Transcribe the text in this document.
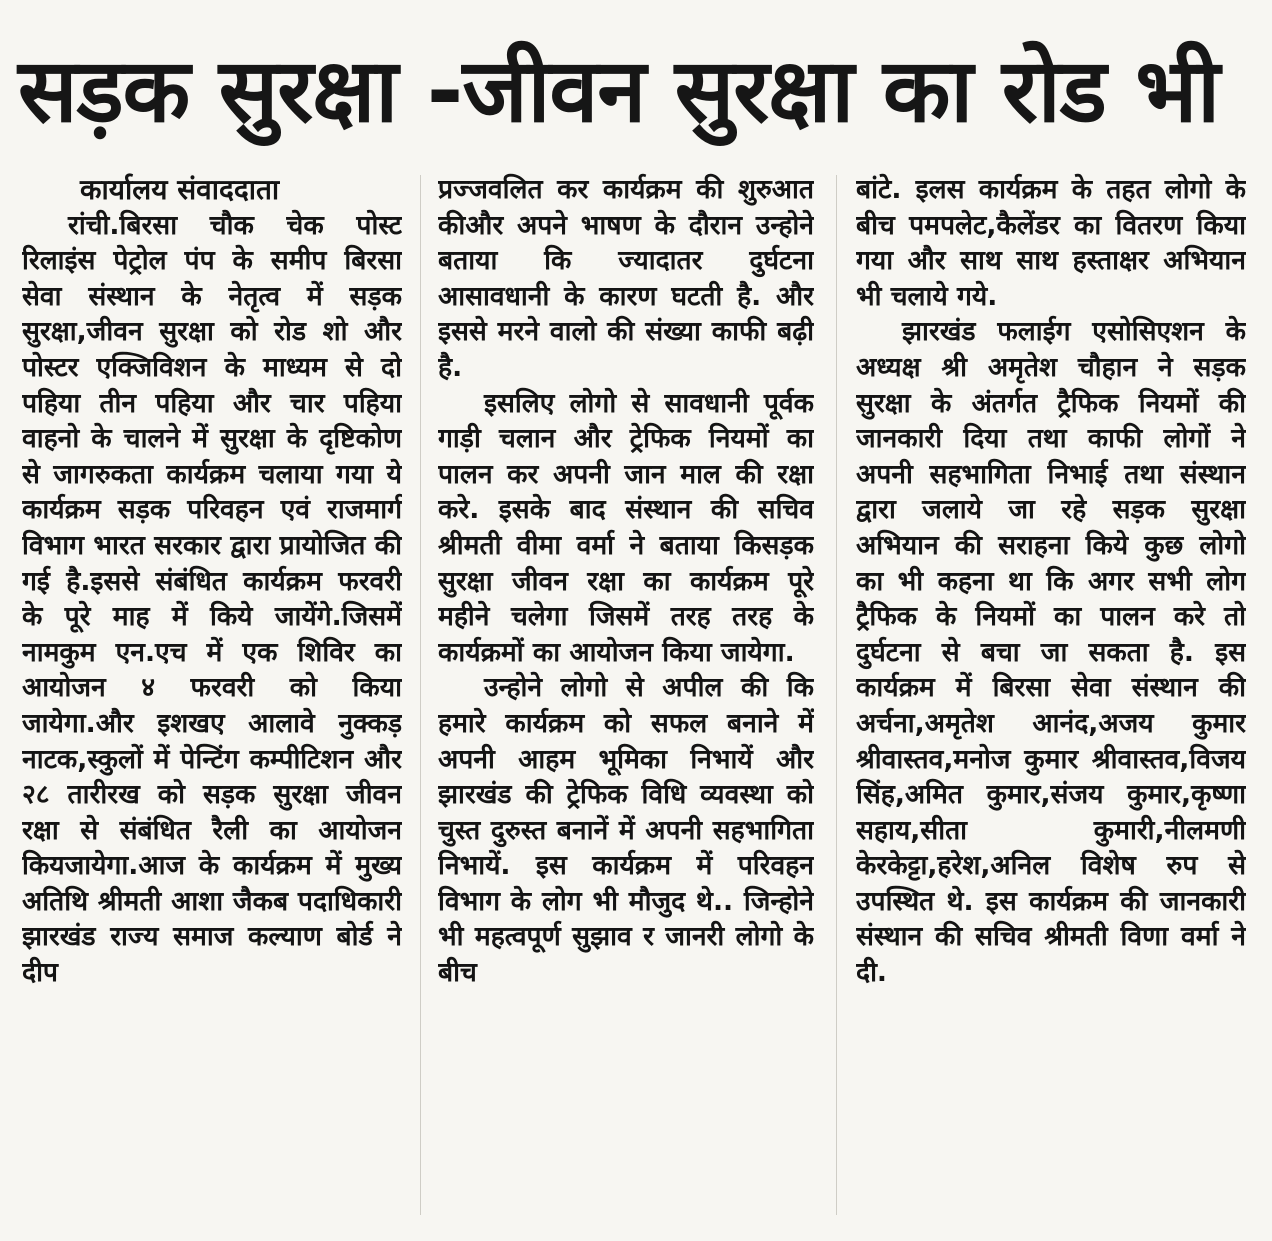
सड़क सुरक्षा -जीवन सुरक्षा का रोड भी
कार्यालय संवाददाता

रांची.बिरसा चौक चेक पोस्ट रिलाइंस पेट्रोल पंप के समीप बिरसा सेवा संस्थान के नेतृत्व में सड़क सुरक्षा,जीवन सुरक्षा को रोड शो और पोस्टर एक्जिविशन के माध्यम से दो पहिया तीन पहिया और चार पहिया वाहनो के चालने में सुरक्षा के दृष्टिकोण से जागरुकता कार्यक्रम चलाया गया ये कार्यक्रम सड़क परिवहन एवं राजमार्ग विभाग भारत सरकार द्वारा प्रायोजित की गई है.इससे संबंधित कार्यक्रम फरवरी के पूरे माह में किये जायेंगे.जिसमें नामकुम एन.एच में एक शिविर का आयोजन ४ फरवरी को किया जायेगा.और इशखए आलावे नुक्कड़ नाटक,स्कुलों में पेन्टिंग कम्पीटिशन और २८ तारीरख को सड़क सुरक्षा जीवन रक्षा से संबंधित रैली का आयोजन कियजायेगा.आज के कार्यक्रम में मुख्य अतिथि श्रीमती आशा जैकब पदाधिकारी झारखंड राज्य समाज कल्याण बोर्ड ने दीप

प्रज्जवलित कर कार्यक्रम की शुरुआत कीऔर अपने भाषण के दौरान उन्होने बताया कि ज्यादातर दुर्घटना आसावधानी के कारण घटती है. और इससे मरने वालो की संख्या काफी बढ़ी है.

इसलिए लोगो से सावधानी पूर्वक गाड़ी चलान और ट्रेफिक नियमों का पालन कर अपनी जान माल की रक्षा करे. इसके बाद संस्थान की सचिव श्रीमती वीमा वर्मा ने बताया किसड़क सुरक्षा जीवन रक्षा का कार्यक्रम पूरे महीने चलेगा जिसमें तरह तरह के कार्यक्रमों का आयोजन किया जायेगा.

उन्होने लोगो से अपील की कि हमारे कार्यक्रम को सफल बनाने में अपनी आहम भूमिका निभायें और झारखंड की ट्रेफिक विधि व्यवस्था को चुस्त दुरुस्त बनानें में अपनी सहभागिता निभायें. इस कार्यक्रम में परिवहन विभाग के लोग भी मौजुद थे.. जिन्होने भी महत्वपूर्ण सुझाव र जानरी लोगो के बीच

बांटे. इलस कार्यक्रम के तहत लोगो के बीच पमपलेट,कैलेंडर का वितरण किया गया और साथ साथ हस्ताक्षर अभियान भी चलाये गये.

झारखंड फलाईग एसोसिएशन के अध्यक्ष श्री अमृतेश चौहान ने सड़क सुरक्षा के अंतर्गत ट्रैफिक नियमों की जानकारी दिया तथा काफी लोगों ने अपनी सहभागिता निभाई तथा संस्थान द्वारा जलाये जा रहे सड़क सुरक्षा अभियान की सराहना किये कुछ लोगो का भी कहना था कि अगर सभी लोग ट्रैफिक के नियमों का पालन करे तो दुर्घटना से बचा जा सकता है. इस कार्यक्रम में बिरसा सेवा संस्थान की अर्चना,अमृतेश आनंद,अजय कुमार श्रीवास्तव,मनोज कुमार श्रीवास्तव,विजय सिंह,अमित कुमार,संजय कुमार,कृष्णा सहाय,सीता कुमारी,नीलमणी केरकेट्टा,हरेश,अनिल विशेष रुप से उपस्थित थे. इस कार्यक्रम की जानकारी संस्थान की सचिव श्रीमती विणा वर्मा ने दी.
